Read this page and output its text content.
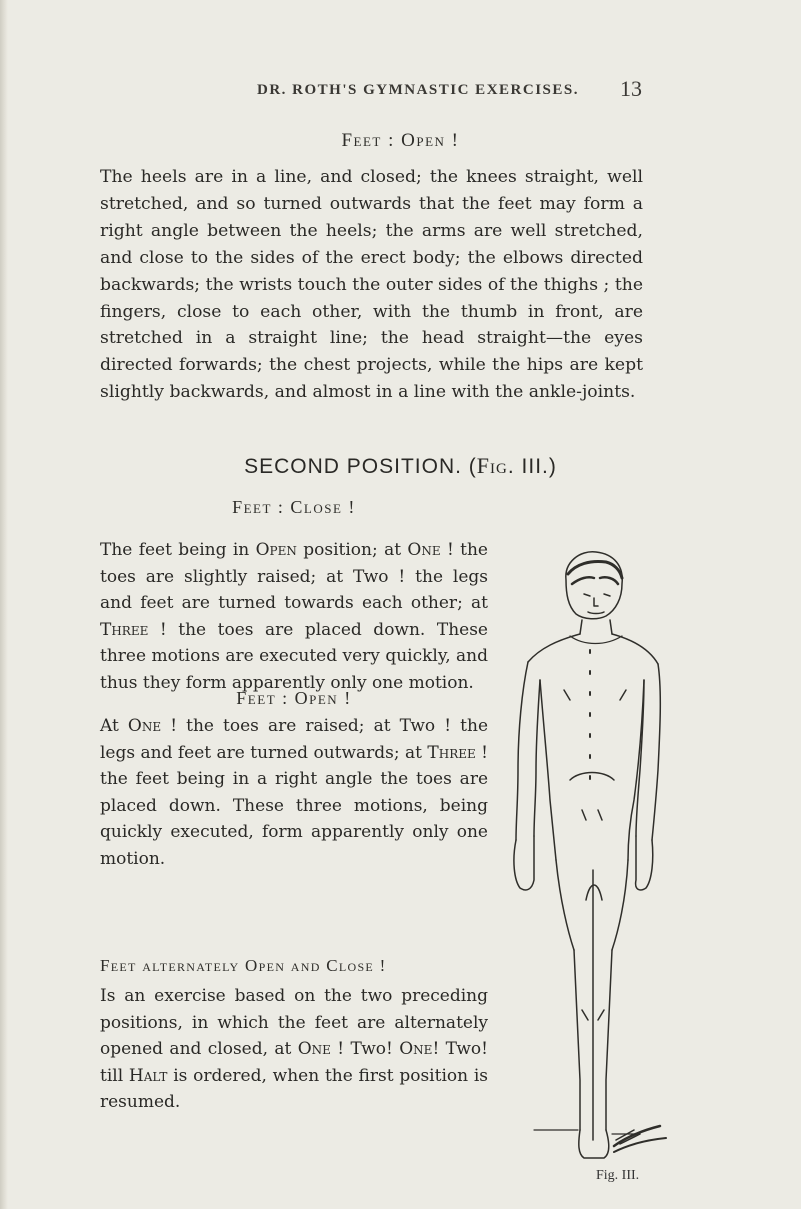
DR. ROTH'S GYMNASTIC EXERCISES. 13
Feet : Open !

The heels are in a line, and closed; the knees straight, well stretched, and so turned outwards that the feet may form a right angle between the heels; the arms are well stretched, and close to the sides of the erect body; the elbows directed backwards; the wrists touch the outer sides of the thighs ; the fingers, close to each other, with the thumb in front, are stretched in a straight line; the head straight—the eyes directed forwards; the chest projects, while the hips are kept slightly backwards, and almost in a line with the ankle-joints.

SECOND POSITION. (Fig. III.)
Feet : Close !

The feet being in Open position; at One ! the toes are slightly raised; at Two ! the legs and feet are turned towards each other; at Three ! the toes are placed down. These three motions are executed very quickly, and thus they form apparently only one motion.

Feet : Open !

At One ! the toes are raised; at Two ! the legs and feet are turned outwards; at Three ! the feet being in a right angle the toes are placed down. These three motions, being quickly executed, form apparently only one motion.

Feet alternately Open and Close !

Is an exercise based on the two preceding positions, in which the feet are alternately opened and closed, at One ! Two! One! Two! till Halt is ordered, when the first position is resumed.

Fig. III.
